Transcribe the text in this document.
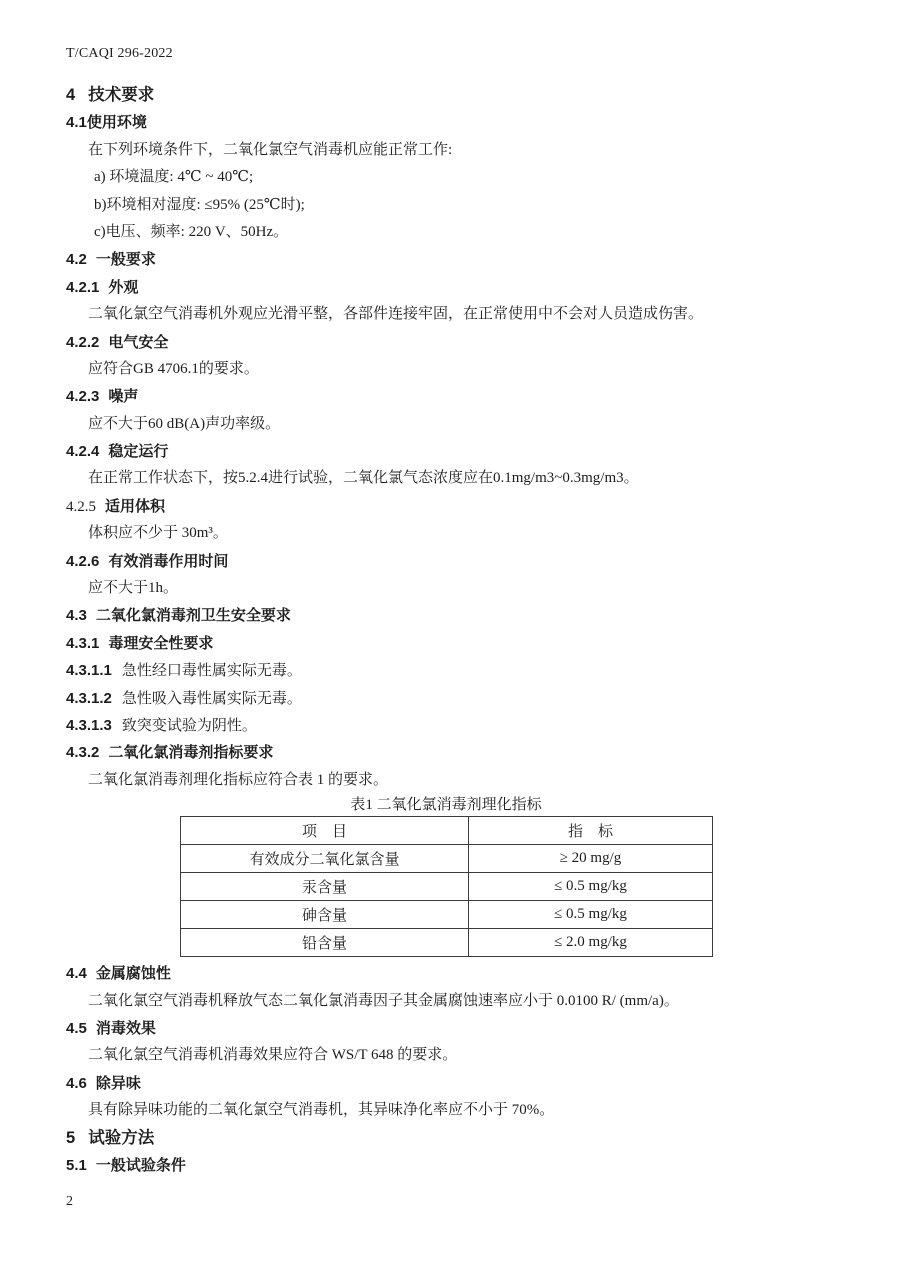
T/CAQI 296-2022
4 技术要求
4.1使用环境
在下列环境条件下，二氧化氯空气消毒机应能正常工作:
a) 环境温度: 4℃ ~ 40℃;
b)环境相对湿度: ≤95% (25℃时);
c)电压、频率: 220 V、50Hz。
4.2 一般要求
4.2.1 外观
二氧化氯空气消毒机外观应光滑平整，各部件连接牢固，在正常使用中不会对人员造成伤害。
4.2.2 电气安全
应符合GB 4706.1的要求。
4.2.3 噪声
应不大于60 dB(A)声功率级。
4.2.4 稳定运行
在正常工作状态下，按5.2.4进行试验，二氧化氯气态浓度应在0.1mg/m3~0.3mg/m3。
4.2.5 适用体积
体积应不少于 30m³。
4.2.6 有效消毒作用时间
应不大于1h。
4.3 二氧化氯消毒剂卫生安全要求
4.3.1 毒理安全性要求
4.3.1.1 急性经口毒性属实际无毒。
4.3.1.2 急性吸入毒性属实际无毒。
4.3.1.3 致突变试验为阴性。
4.3.2 二氧化氯消毒剂指标要求
二氧化氯消毒剂理化指标应符合表 1 的要求。
表1 二氧化氯消毒剂理化指标
项　目	指　标
有效成分二氧化氯含量	≥ 20 mg/g
汞含量	≤ 0.5 mg/kg
砷含量	≤ 0.5 mg/kg
铅含量	≤ 2.0 mg/kg
4.4 金属腐蚀性
二氧化氯空气消毒机释放气态二氧化氯消毒因子其金属腐蚀速率应小于 0.0100 R/ (mm/a)。
4.5 消毒效果
二氧化氯空气消毒机消毒效果应符合 WS/T 648 的要求。
4.6 除异味
具有除异味功能的二氧化氯空气消毒机，其异味净化率应不小于 70%。
5 试验方法
5.1 一般试验条件
2
